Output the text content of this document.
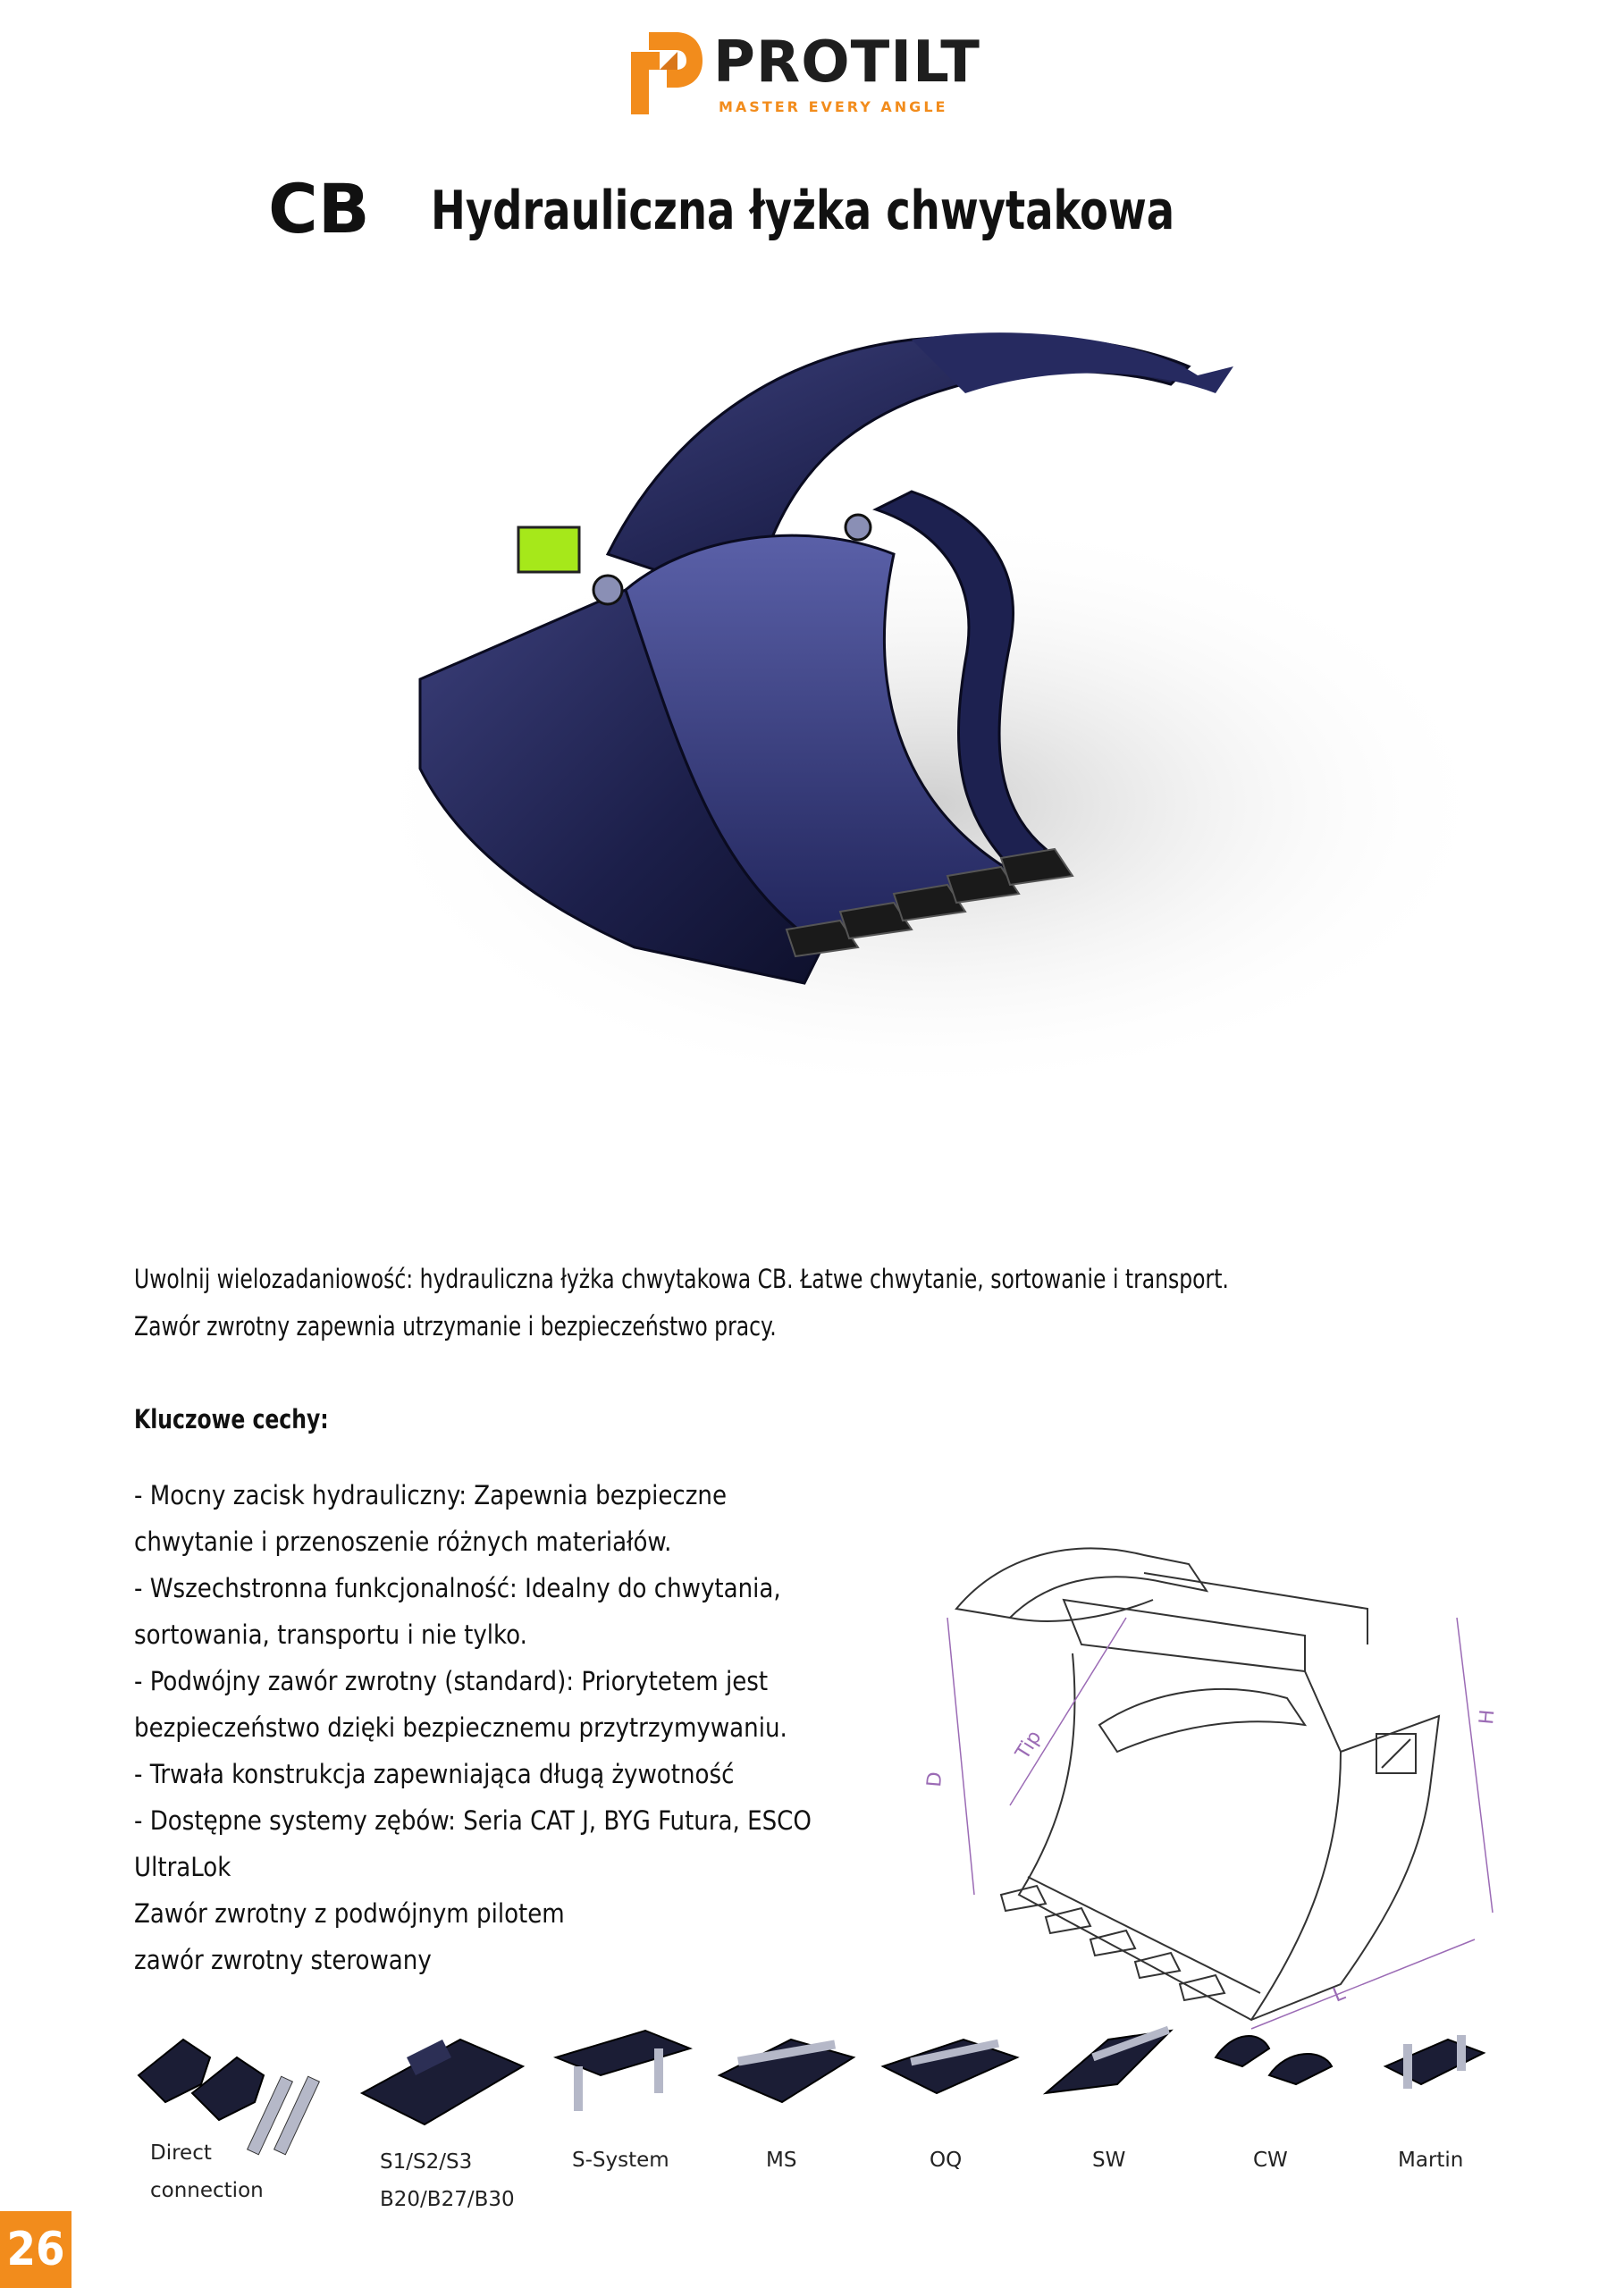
PROTILT
MASTER EVERY ANGLE
CB Hydrauliczna łyżka chwytakowa

Uwolnij wielozadaniowość: hydrauliczna łyżka chwytakowa CB. Łatwe chwytanie, sortowanie i transport.

Zawór zwrotny zapewnia utrzymanie i bezpieczeństwo pracy.

Kluczowe cechy:
- Mocny zacisk hydrauliczny: Zapewnia bezpieczne
chwytanie i przenoszenie różnych materiałów.
- Wszechstronna funkcjonalność: Idealny do chwytania,
sortowania, transportu i nie tylko.
- Podwójny zawór zwrotny (standard): Priorytetem jest
bezpieczeństwo dzięki bezpiecznemu przytrzymywaniu.
- Trwała konstrukcja zapewniająca długą żywotność
- Dostępne systemy zębów: Seria CAT J, BYG Futura, ESCO
UltraLok
Zawór zwrotny z podwójnym pilotem
zawór zwrotny sterowany
Tip
D
H
L
Direct
connection
S1/S2/S3
B20/B27/B30
S-System	MS	OQ	SW	CW	Martin
26
